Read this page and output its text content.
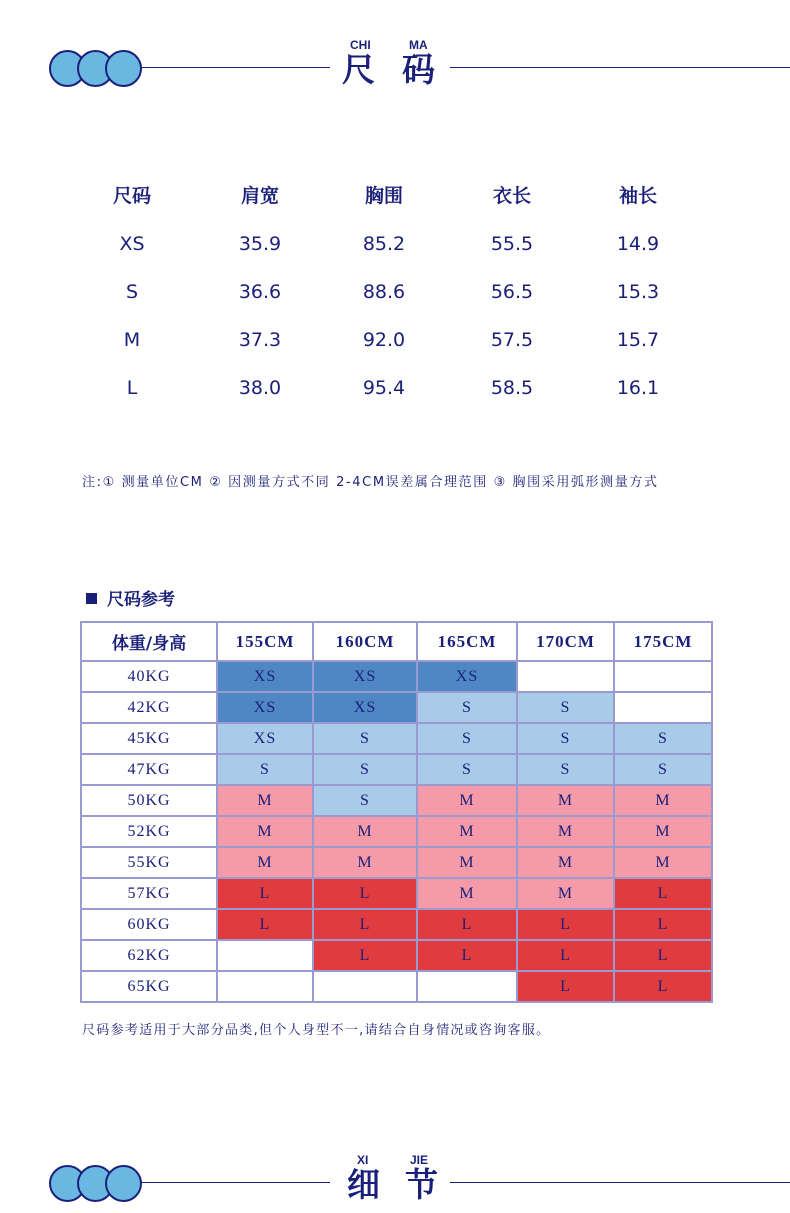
CHI	MA
尺 码
尺码	肩宽	胸围	衣长	袖长
XS	35.9	85.2	55.5	14.9
S	36.6	88.6	56.5	15.3
M	37.3	92.0	57.5	15.7
L	38.0	95.4	58.5	16.1
注:① 测量单位CM ② 因测量方式不同 2-4CM误差属合理范围 ③ 胸围采用弧形测量方式
尺码参考
体重/身高	155CM	160CM	165CM	170CM	175CM
40KG	XS	XS	XS		
42KG	XS	XS	S	S	
45KG	XS	S	S	S	S
47KG	S	S	S	S	S
50KG	M	S	M	M	M
52KG	M	M	M	M	M
55KG	M	M	M	M	M
57KG	L	L	M	M	L
60KG	L	L	L	L	L
62KG		L	L	L	L
65KG				L	L
尺码参考适用于大部分品类,但个人身型不一,请结合自身情况或咨询客服。
XI	JIE
细 节
